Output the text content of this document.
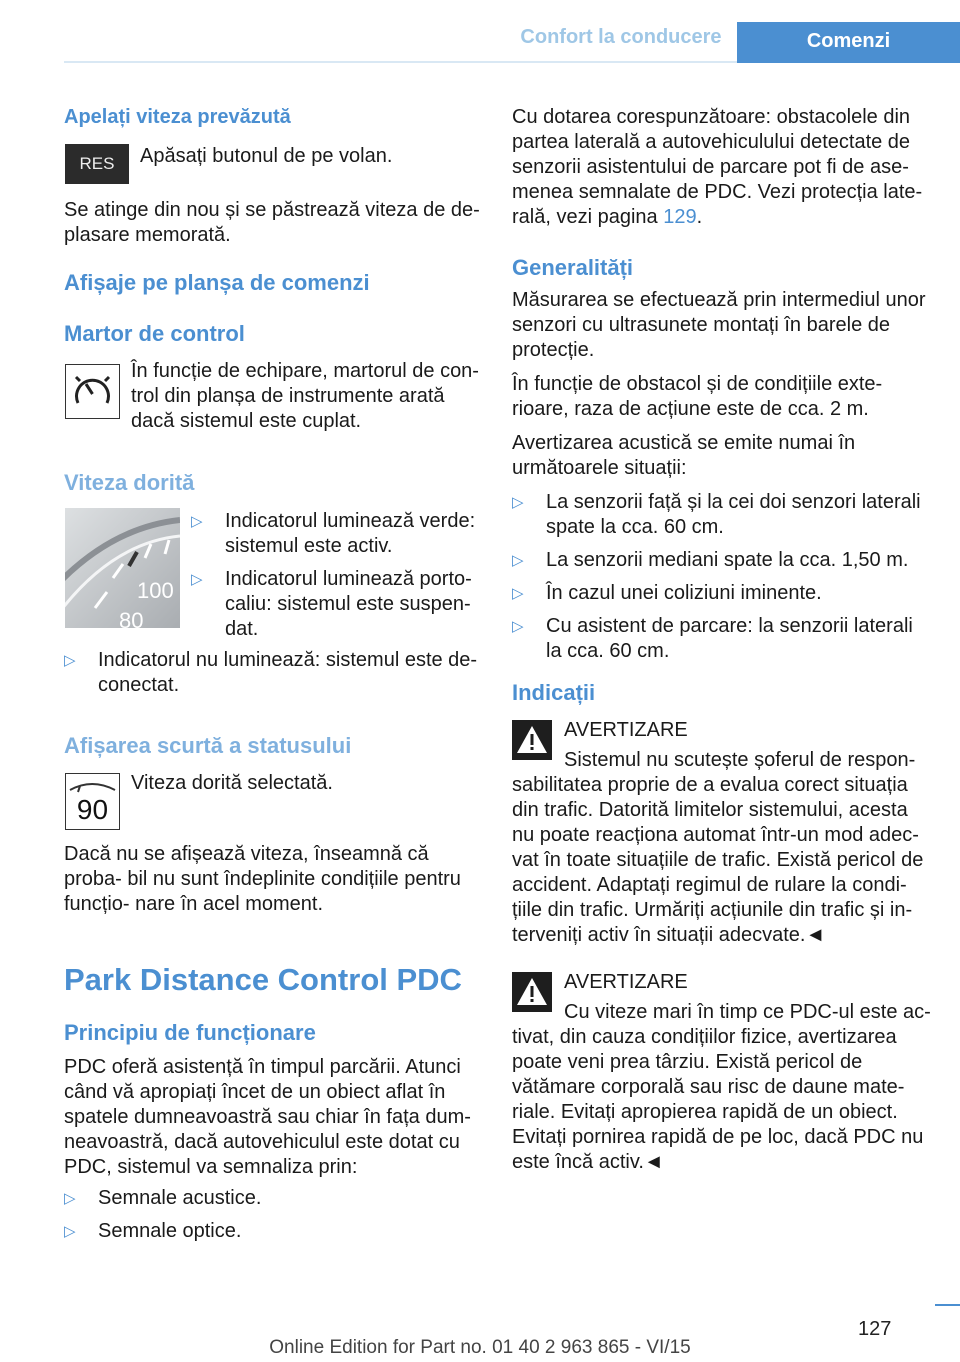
Confort la conducere	Comenzi

Apelați viteza prevăzută

RES	Apăsați butonul de pe volan.

Se atinge din nou și se păstrează viteza de de‐ plasare memorată.

Afișaje pe planșa de comenzi

Martor de control

În funcție de echipare, martorul de con‐ trol din planșa de instrumente arată dacă sistemul este cuplat.

Viteza dorită

100
80
▷	Indicatorul luminează verde: sistemul este activ.

▷	Indicatorul luminează porto‐ caliu: sistemul este suspen‐ dat.

▷	Indicatorul nu luminează: sistemul este de‐ conectat.

Afișarea scurtă a statusului

90

Viteza dorită selectată.

Dacă nu se afișează viteza, înseamnă că proba‐ bil nu sunt îndeplinite condițiile pentru funcțio‐ nare în acel moment.

Park Distance Control PDC

Principiu de funcționare

PDC oferă asistență în timpul parcării. Atunci când vă apropiați încet de un obiect aflat în spatele dumneavoastră sau chiar în fața dum‐ neavoastră, dacă autovehiculul este dotat cu PDC, sistemul va semnaliza prin:

▷	Semnale acustice.

▷	Semnale optice.

Cu dotarea corespunzătoare: obstacolele din partea laterală a autovehiculului detectate de senzorii asistentului de parcare pot fi de ase‐ menea semnalate de PDC. Vezi protecția late‐ rală, vezi pagina 129.

Generalități

Măsurarea se efectuează prin intermediul unor senzori cu ultrasunete montați în barele de protecție.

În funcție de obstacol și de condițiile exte‐ rioare, raza de acțiune este de cca. 2 m.

Avertizarea acustică se emite numai în următoarele situații:

▷	La senzorii față și la cei doi senzori laterali spate la cca. 60 cm.

▷	La senzorii mediani spate la cca. 1,50 m.

▷	În cazul unei coliziuni iminente.

▷	Cu asistent de parcare: la senzorii laterali la cca. 60 cm.

Indicații

AVERTIZARE

Sistemul nu scutește șoferul de respon‐ sabilitatea proprie de a evalua corect situația din trafic. Datorită limitelor sistemului, acesta nu poate reacționa automat într-un mod adec‐ vat în toate situațiile de trafic. Există pericol de accident. Adaptați regimul de rulare la condi‐ țiile din trafic. Urmăriți acțiunile din trafic și in‐ terveniți activ în situații adecvate.◄

AVERTIZARE

Cu viteze mari în timp ce PDC-ul este ac‐ tivat, din cauza condițiilor fizice, avertizarea poate veni prea târziu. Există pericol de vătămare corporală sau risc de daune mate‐ riale. Evitați apropierea rapidă de un obiect. Evitați pornirea rapidă de pe loc, dacă PDC nu este încă activ.◄

127
Online Edition for Part no. 01 40 2 963 865 - VI/15
